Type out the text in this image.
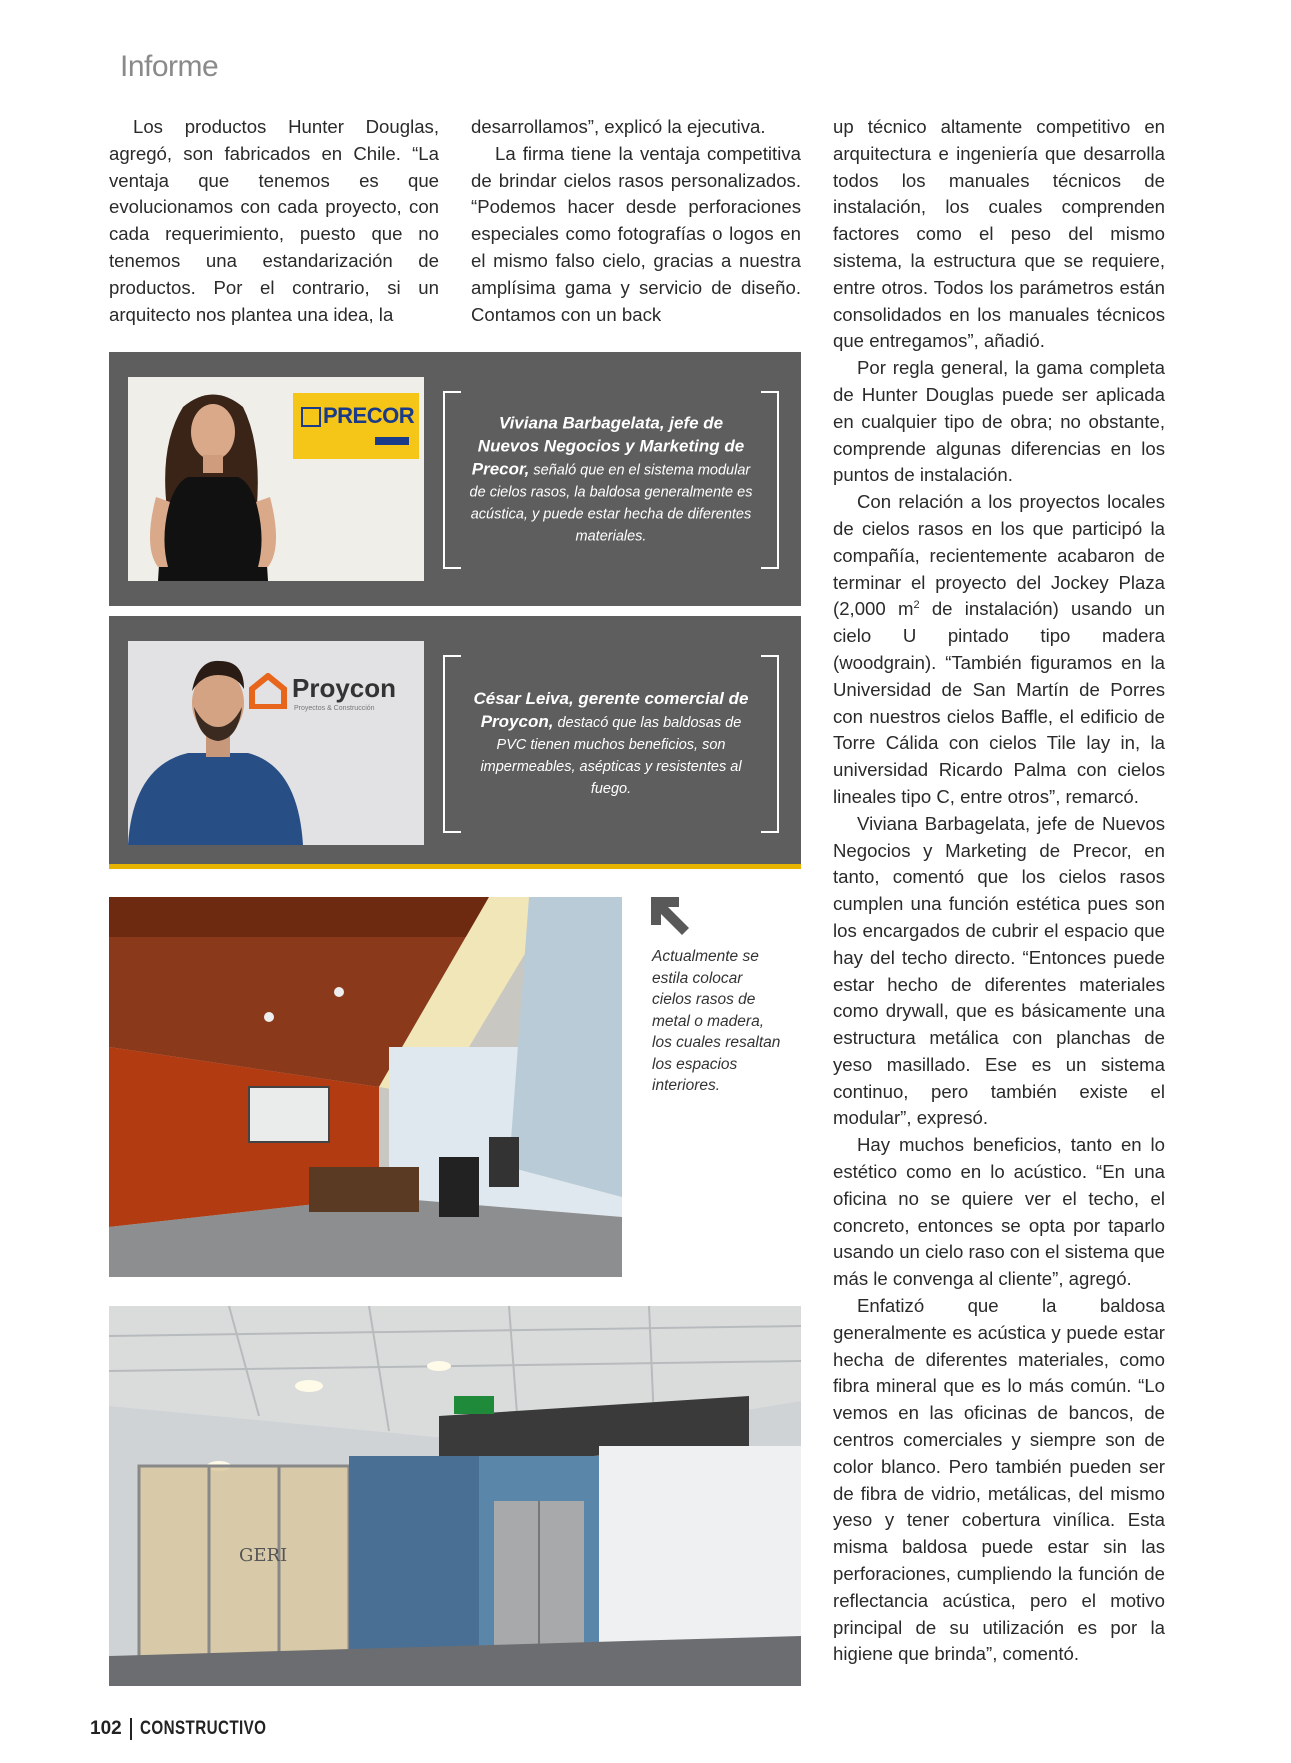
Informe

Los productos Hunter Douglas, agregó, son fabricados en Chile. “La ventaja que tenemos es que evolucionamos con cada proyecto, con cada requerimiento, puesto que no tenemos una estandarización de productos. Por el contrario, si un arquitecto nos plantea una idea, la

desarrollamos”, explicó la ejecutiva.

La firma tiene la ventaja competitiva de brindar cielos rasos personalizados. “Podemos hacer desde perforaciones especiales como fotografías o logos en el mismo falso cielo, gracias a nuestra amplísima gama y servicio de diseño. Contamos con un back

up técnico altamente competitivo en arquitectura e ingeniería que desarrolla todos los manuales técnicos de instalación, los cuales comprenden factores como el peso del mismo sistema, la estructura que se requiere, entre otros. Todos los parámetros están consolidados en los manuales técnicos que entregamos”, añadió.

Por regla general, la gama completa de Hunter Douglas puede ser aplicada en cualquier tipo de obra; no obstante, comprende algunas diferencias en los puntos de instalación.

Con relación a los proyectos locales de cielos rasos en los que participó la compañía, recientemente acabaron de terminar el proyecto del Jockey Plaza (2,000 $m^2$ de instalación) usando un cielo U pintado tipo madera (woodgrain). “También figuramos en la Universidad de San Martín de Porres con nuestros cielos Baffle, el edificio de Torre Cálida con cielos Tile lay in, la universidad Ricardo Palma con cielos lineales tipo C, entre otros”, remarcó.

Viviana Barbagelata, jefe de Nuevos Negocios y Marketing de Precor, en tanto, comentó que los cielos rasos cumplen una función estética pues son los encargados de cubrir el espacio que hay del techo directo. “Entonces puede estar hecho de diferentes materiales como drywall, que es básicamente una estructura metálica con planchas de yeso masillado. Ese es un sistema continuo, pero también existe el modular”, expresó.

Hay muchos beneficios, tanto en lo estético como en lo acústico. “En una oficina no se quiere ver el techo, el concreto, entonces se opta por taparlo usando un cielo raso con el sistema que más le convenga al cliente”, agregó.

Enfatizó que la baldosa generalmente es acústica y puede estar hecha de diferentes materiales, como fibra mineral que es lo más común. “Lo vemos en las oficinas de bancos, de centros comerciales y siempre son de color blanco. Pero también pueden ser de fibra de vidrio, metálicas, del mismo yeso y tener cobertura vinílica. Esta misma baldosa puede estar sin las perforaciones, cumpliendo la función de reflectancia acústica, pero el motivo principal de su utilización es por la higiene que brinda”, comentó.

PRECOR	Viviana Barbagelata, jefe de Nuevos Negocios y Marketing de Precor, señaló que en el sistema modular de cielos rasos, la baldosa generalmente es acústica, y puede estar hecha de diferentes materiales.
Proycon
Proyectos & Construcción
César Leiva, gerente comercial de Proycon, destacó que las baldosas de PVC tienen muchos beneficios, son impermeables, asépticas y resistentes al fuego.
Actualmente se estila colocar cielos rasos de metal o madera, los cuales resaltan los espacios interiores.
GERI
102 CONSTRUCTIVO
